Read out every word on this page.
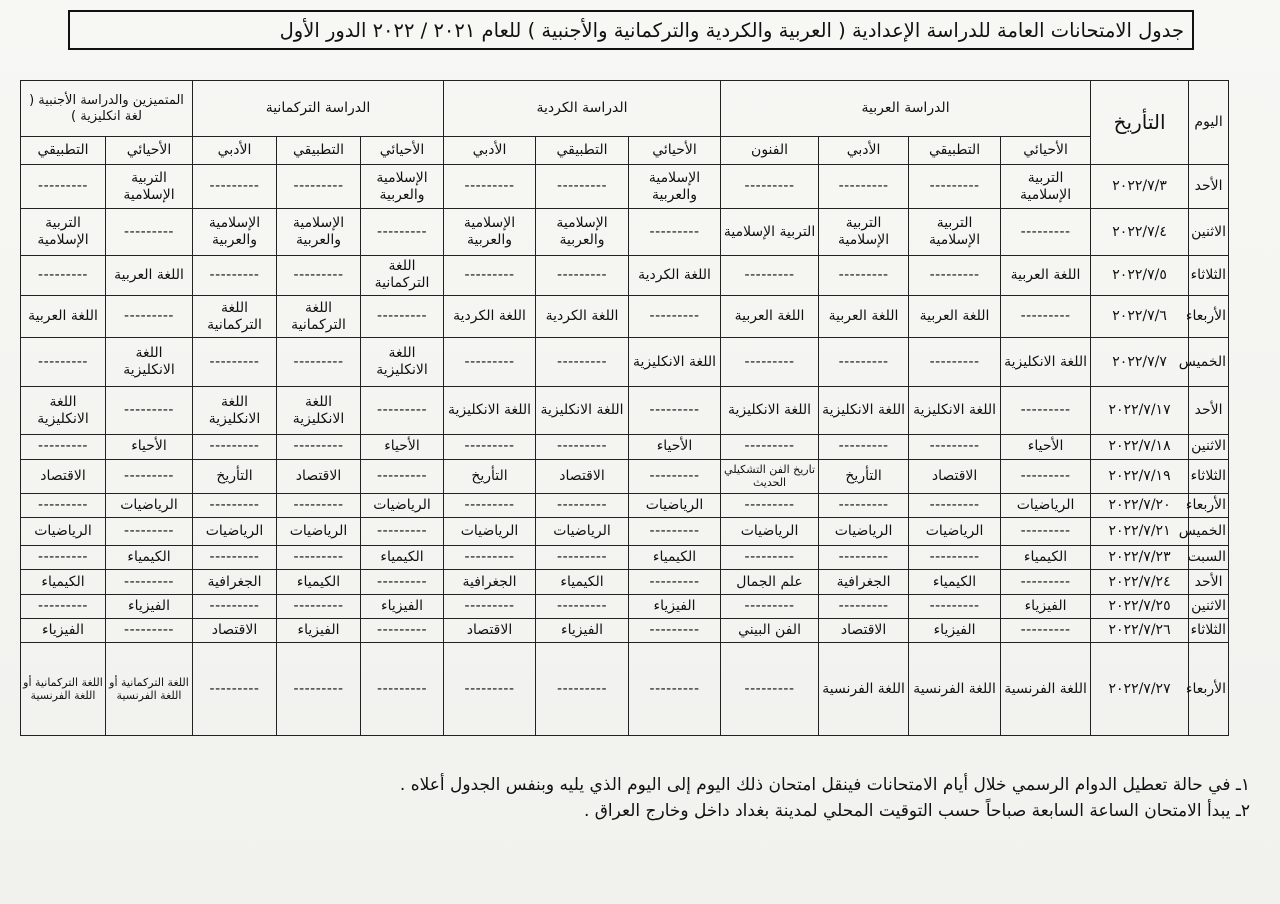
جدول الامتحانات العامة للدراسة الإعدادية ( العربية والكردية والتركمانية والأجنبية ) للعام ٢٠٢١ / ٢٠٢٢ الدور الأول
اليوم	التأريخ	الدراسة العربية				الدراسة الكردية			الدراسة التركمانية			المتميزين والدراسة الأجنبية ( لغة انكليزية )	
		الأحيائي	التطبيقي	الأدبي	الفنون	الأحيائي	التطبيقي	الأدبي	الأحيائي	التطبيقي	الأدبي	الأحيائي	التطبيقي
الأحد	٢٠٢٢/٧/٣	التربية الإسلامية	---------	---------	---------	الإسلامية والعربية	---------	---------	الإسلامية والعربية	---------	---------	التربية الإسلامية	---------
الاثنين	٢٠٢٢/٧/٤	---------	التربية الإسلامية	التربية الإسلامية	التربية الإسلامية	---------	الإسلامية والعربية	الإسلامية والعربية	---------	الإسلامية والعربية	الإسلامية والعربية	---------	التربية الإسلامية
الثلاثاء	٢٠٢٢/٧/٥	اللغة العربية	---------	---------	---------	اللغة الكردية	---------	---------	اللغة التركمانية	---------	---------	اللغة العربية	---------
الأربعاء	٢٠٢٢/٧/٦	---------	اللغة العربية	اللغة العربية	اللغة العربية	---------	اللغة الكردية	اللغة الكردية	---------	اللغة التركمانية	اللغة التركمانية	---------	اللغة العربية
الخميس	٢٠٢٢/٧/٧	اللغة الانكليزية	---------	---------	---------	اللغة الانكليزية	---------	---------	اللغة الانكليزية	---------	---------	اللغة الانكليزية	---------
الأحد	٢٠٢٢/٧/١٧	---------	اللغة الانكليزية	اللغة الانكليزية	اللغة الانكليزية	---------	اللغة الانكليزية	اللغة الانكليزية	---------	اللغة الانكليزية	اللغة الانكليزية	---------	اللغة الانكليزية
الاثنين	٢٠٢٢/٧/١٨	الأحياء	---------	---------	---------	الأحياء	---------	---------	الأحياء	---------	---------	الأحياء	---------
الثلاثاء	٢٠٢٢/٧/١٩	---------	الاقتصاد	التأريخ	تاريخ الفن التشكيلي الحديث	---------	الاقتصاد	التأريخ	---------	الاقتصاد	التأريخ	---------	الاقتصاد
الأربعاء	٢٠٢٢/٧/٢٠	الرياضيات	---------	---------	---------	الرياضيات	---------	---------	الرياضيات	---------	---------	الرياضيات	---------
الخميس	٢٠٢٢/٧/٢١	---------	الرياضيات	الرياضيات	الرياضيات	---------	الرياضيات	الرياضيات	---------	الرياضيات	الرياضيات	---------	الرياضيات
السبت	٢٠٢٢/٧/٢٣	الكيمياء	---------	---------	---------	الكيمياء	---------	---------	الكيمياء	---------	---------	الكيمياء	---------
الأحد	٢٠٢٢/٧/٢٤	---------	الكيمياء	الجغرافية	علم الجمال	---------	الكيمياء	الجغرافية	---------	الكيمياء	الجغرافية	---------	الكيمياء
الاثنين	٢٠٢٢/٧/٢٥	الفيزياء	---------	---------	---------	الفيزياء	---------	---------	الفيزياء	---------	---------	الفيزياء	---------
الثلاثاء	٢٠٢٢/٧/٢٦	---------	الفيزياء	الاقتصاد	الفن البيني	---------	الفيزياء	الاقتصاد	---------	الفيزياء	الاقتصاد	---------	الفيزياء
الأربعاء	٢٠٢٢/٧/٢٧	اللغة الفرنسية	اللغة الفرنسية	اللغة الفرنسية	---------	---------	---------	---------	---------	---------	---------	اللغة التركمانية أو اللغة الفرنسية	اللغة التركمانية أو اللغة الفرنسية
١ـ في حالة تعطيل الدوام الرسمي خلال أيام الامتحانات فينقل امتحان ذلك اليوم إلى اليوم الذي يليه وبنفس الجدول أعلاه .
٢ـ يبدأ الامتحان الساعة السابعة صباحاً حسب التوقيت المحلي لمدينة بغداد داخل وخارج العراق .
